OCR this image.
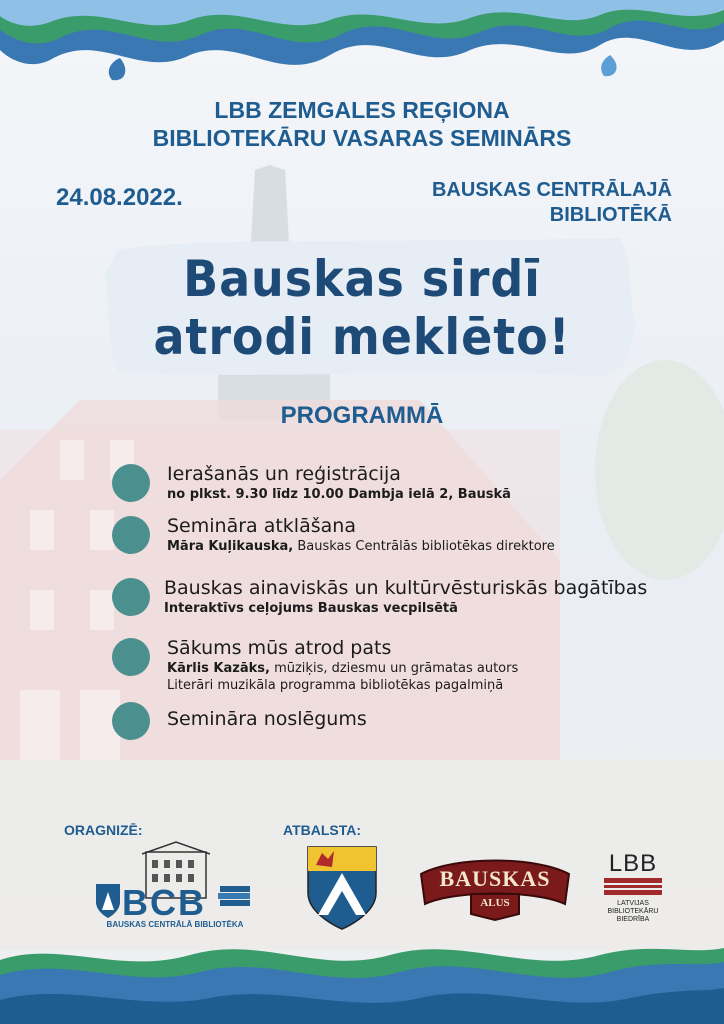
LBB ZEMGALES REĢIONA
BIBLIOTEKĀRU VASARAS SEMINĀRS
24.08.2022.	BAUSKAS CENTRĀLAJĀ
BIBLIOTĒKĀ
Bauskas sirdī
atrodi meklēto!
PROGRAMMĀ
Ierašanās un reģistrācija
no plkst. 9.30 līdz 10.00 Dambja ielā 2, Bauskā
Semināra atklāšana
Māra Kuļikauska, Bauskas Centrālās bibliotēkas direktore
Bauskas ainaviskās un kultūrvēsturiskās bagātības
Interaktīvs ceļojums Bauskas vecpilsētā
Sākums mūs atrod pats
Kārlis Kazāks, mūziķis, dziesmu un grāmatas autors
Literāri muzikāla programma bibliotēkas pagalmiņā
Semināra noslēgums
ORAGNIZĒ:	ATBALSTA:
BCB
BAUSKAS CENTRĀLĀ BIBLIOTĒKA
BAUSKAS
ALUS
LBB
LATVIJAS
BIBLIOTEKĀRU
BIEDRĪBA
